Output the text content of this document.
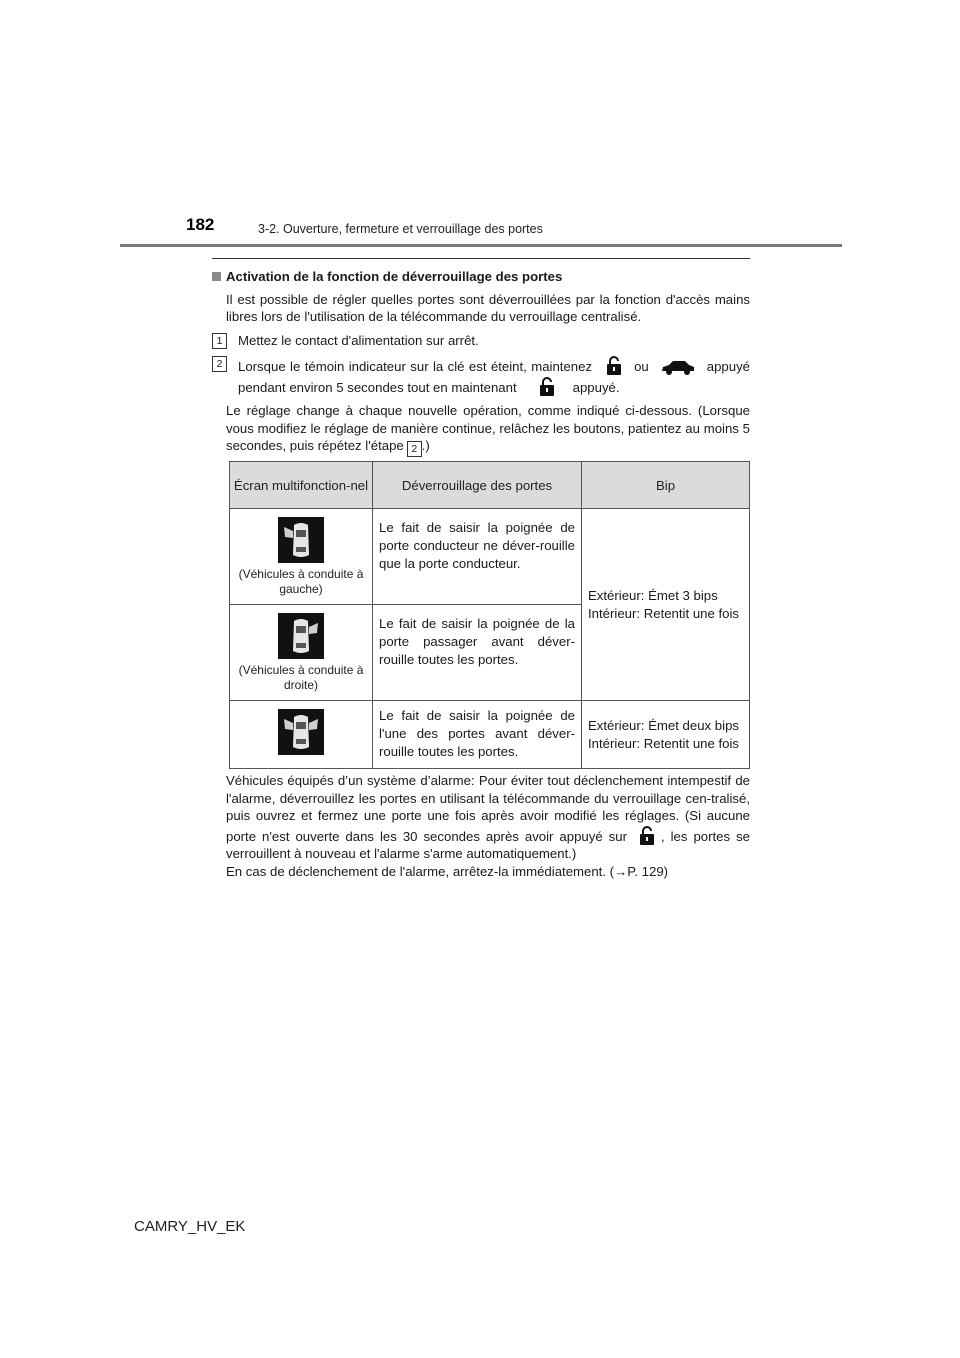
182	3-2. Ouverture, fermeture et verrouillage des portes
Activation de la fonction de déverrouillage des portes
Il est possible de régler quelles portes sont déverrouillées par la fonction d'accès mains libres lors de l'utilisation de la télécommande du verrouillage centralisé.
1	Mettez le contact d'alimentation sur arrêt.
2	Lorsque le témoin indicateur sur la clé est éteint, maintenez	ou	appuyé pendant environ 5 secondes tout en maintenant	appuyé.
Le réglage change à chaque nouvelle opération, comme indiqué ci-dessous. (Lorsque vous modifiez le réglage de manière continue, relâchez les boutons, patientez au moins 5 secondes, puis répétez l'étape 2 .)
Écran multifonction-nel	Déverrouillage des portes	Bip

(Véhicules à conduite à gauche)	Le fait de saisir la poignée de porte conducteur ne déver-rouille que la porte conducteur.	Extérieur: Émet 3 bips
Intérieur: Retentit une fois

(Véhicules à conduite à droite)	Le fait de saisir la poignée de la porte passager avant déver-rouille toutes les portes.	

	Le fait de saisir la poignée de l'une des portes avant déver-rouille toutes les portes.	Extérieur: Émet deux bips
Intérieur: Retentit une fois

Véhicules équipés d’un système d’alarme: Pour éviter tout déclenchement intempestif de l'alarme, déverrouillez les portes en utilisant la télécommande du verrouillage cen-tralisé, puis ouvrez et fermez une porte une fois après avoir modifié les réglages. (Si aucune porte n'est ouverte dans les 30 secondes après avoir appuyé sur	, les portes se verrouillent à nouveau et l'alarme s'arme automatiquement.)

En cas de déclenchement de l'alarme, arrêtez-la immédiatement. (→P. 129)

CAMRY_HV_EK
